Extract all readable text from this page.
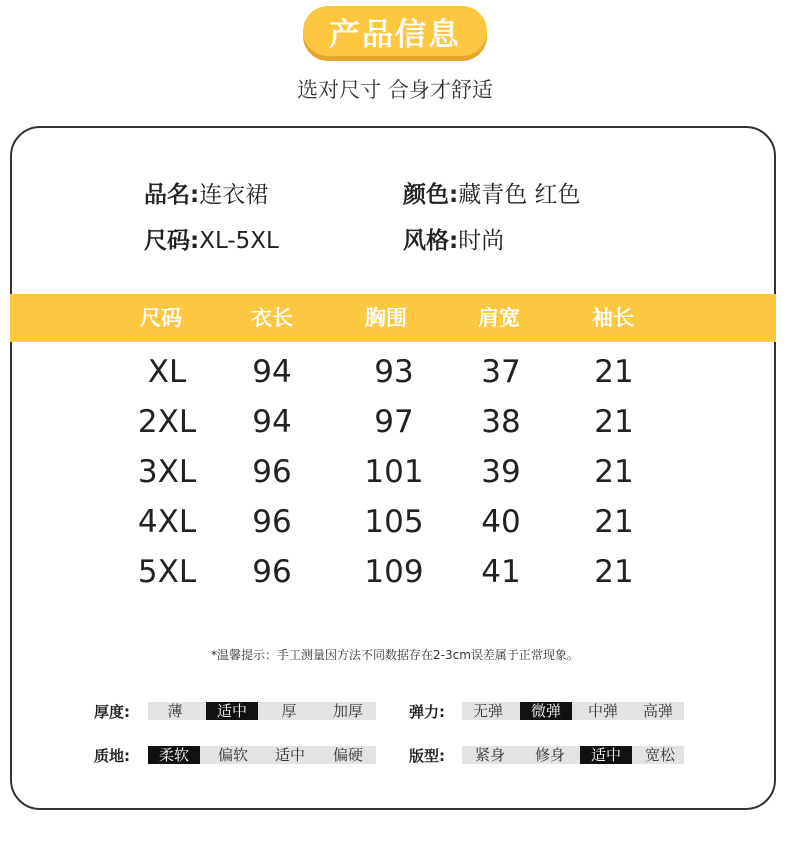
产品信息
选对尺寸 合身才舒适
品名:连衣裙	颜色:藏青色 红色
尺码:XL-5XL	风格:时尚
尺码	衣长	胸围	肩宽	袖长
XL	94	93	37	21
2XL	94	97	38	21
3XL	96	101	39	21
4XL	96	105	40	21
5XL	96	109	41	21
*温馨提示：手工测量因方法不同数据存在2-3cm误差属于正常现象。
厚度:	薄	适中	厚	加厚	弹力:	无弹	微弹	中弹	高弹
质地:	柔软	偏软	适中	偏硬	版型:	紧身	修身	适中	宽松
